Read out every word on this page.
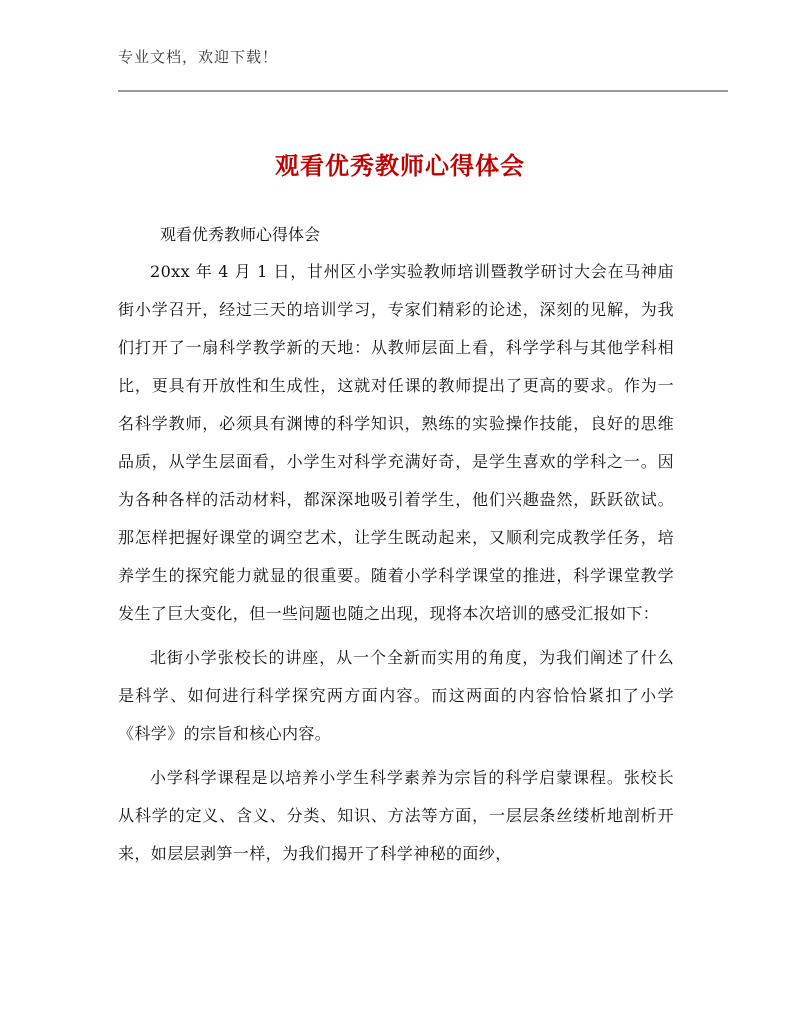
专业文档，欢迎下载！
观看优秀教师心得体会
观看优秀教师心得体会

20xx 年 4 月 1 日，甘州区小学实验教师培训暨教学研讨大会在马神庙街小学召开，经过三天的培训学习，专家们精彩的论述，深刻的见解，为我们打开了一扇科学教学新的天地：从教师层面上看，科学学科与其他学科相比，更具有开放性和生成性，这就对任课的教师提出了更高的要求。作为一名科学教师，必须具有渊博的科学知识，熟练的实验操作技能，良好的思维品质，从学生层面看，小学生对科学充满好奇，是学生喜欢的学科之一。因为各种各样的活动材料，都深深地吸引着学生，他们兴趣盎然，跃跃欲试。那怎样把握好课堂的调空艺术，让学生既动起来，又顺利完成教学任务，培养学生的探究能力就显的很重要。随着小学科学课堂的推进，科学课堂教学发生了巨大变化，但一些问题也随之出现，现将本次培训的感受汇报如下：

北街小学张校长的讲座，从一个全新而实用的角度，为我们阐述了什么是科学、如何进行科学探究两方面内容。而这两面的内容恰恰紧扣了小学《科学》的宗旨和核心内容。

小学科学课程是以培养小学生科学素养为宗旨的科学启蒙课程。张校长从科学的定义、含义、分类、知识、方法等方面，一层层条丝缕析地剖析开来，如层层剥笋一样，为我们揭开了科学神秘的面纱，
